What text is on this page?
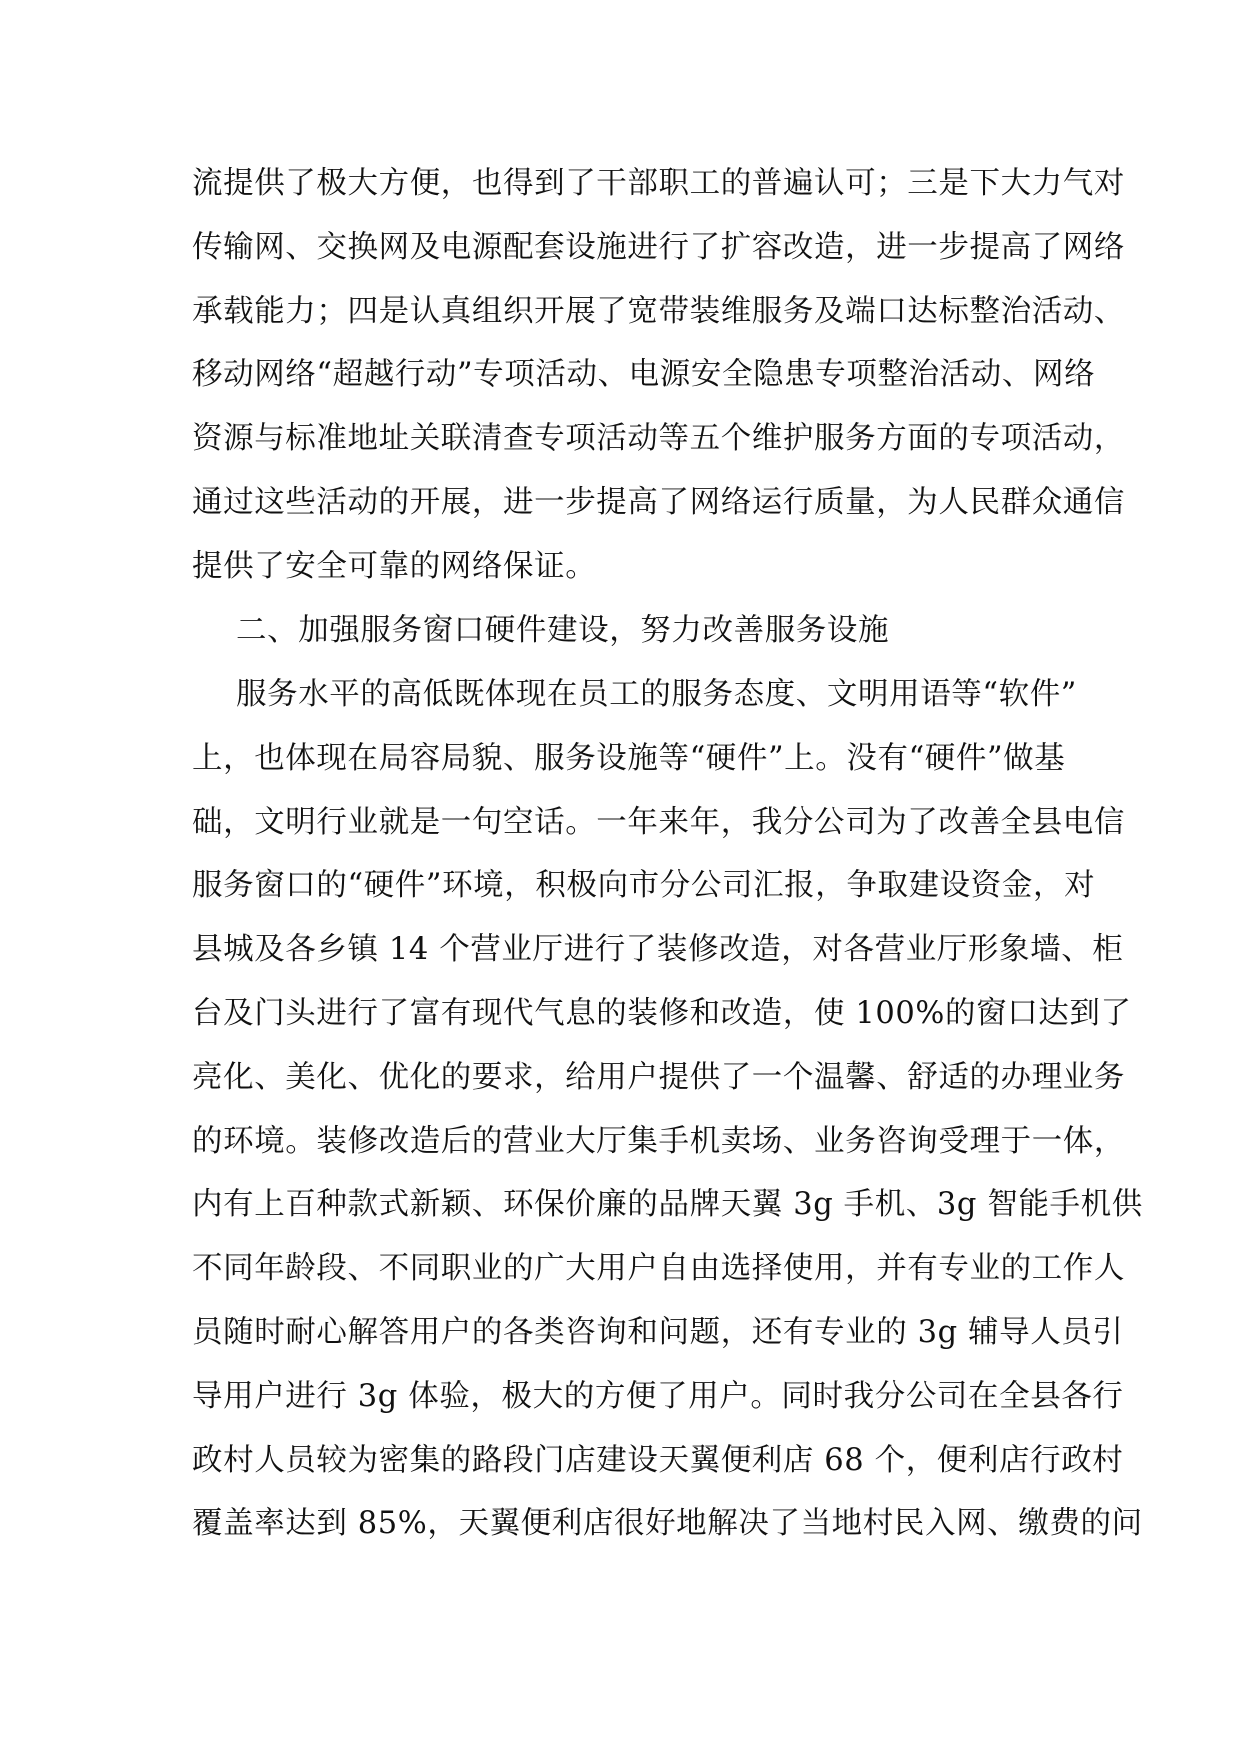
流提供了极大方便，也得到了干部职工的普遍认可；三是下大力气对
传输网、交换网及电源配套设施进行了扩容改造，进一步提高了网络
承载能力；四是认真组织开展了宽带装维服务及端口达标整治活动、
移动网络“超越行动”专项活动、电源安全隐患专项整治活动、网络
资源与标准地址关联清查专项活动等五个维护服务方面的专项活动，
通过这些活动的开展，进一步提高了网络运行质量，为人民群众通信
提供了安全可靠的网络保证。
二、加强服务窗口硬件建设，努力改善服务设施
服务水平的高低既体现在员工的服务态度、文明用语等“软件”
上，也体现在局容局貌、服务设施等“硬件”上。没有“硬件”做基
础，文明行业就是一句空话。一年来年，我分公司为了改善全县电信
服务窗口的“硬件”环境，积极向市分公司汇报，争取建设资金，对
县城及各乡镇 14 个营业厅进行了装修改造，对各营业厅形象墙、柜
台及门头进行了富有现代气息的装修和改造，使 100%的窗口达到了
亮化、美化、优化的要求，给用户提供了一个温馨、舒适的办理业务
的环境。装修改造后的营业大厅集手机卖场、业务咨询受理于一体，
内有上百种款式新颖、环保价廉的品牌天翼 3g 手机、3g 智能手机供
不同年龄段、不同职业的广大用户自由选择使用，并有专业的工作人
员随时耐心解答用户的各类咨询和问题，还有专业的 3g 辅导人员引
导用户进行 3g 体验，极大的方便了用户。同时我分公司在全县各行
政村人员较为密集的路段门店建设天翼便利店 68 个，便利店行政村
覆盖率达到 85%，天翼便利店很好地解决了当地村民入网、缴费的问
